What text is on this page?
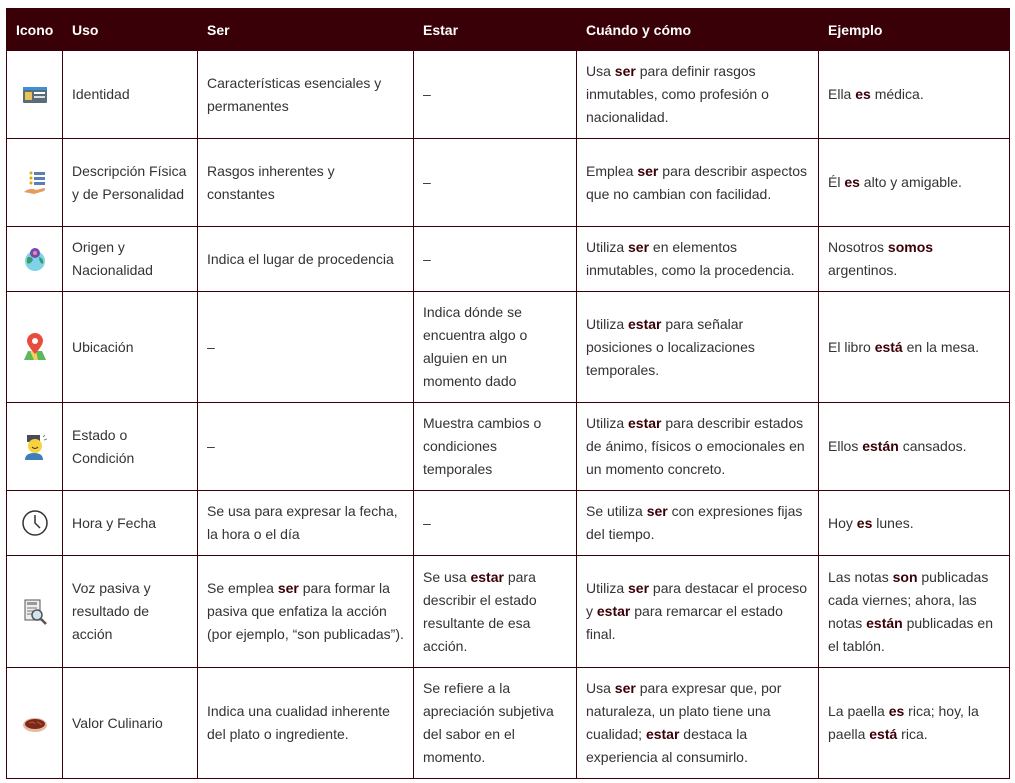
Icono	Uso	Ser	Estar	Cuándo y cómo	Ejemplo
	Identidad	Características esenciales y permanentes	–	Usa ser para definir rasgos inmutables, como profesión o nacionalidad.	Ella es médica.
	Descripción Física y de Personalidad	Rasgos inherentes y constantes	–	Emplea ser para describir aspectos que no cambian con facilidad.	Él es alto y amigable.
	Origen y Nacionalidad	Indica el lugar de procedencia	–	Utiliza ser en elementos inmutables, como la procedencia.	Nosotros somos argentinos.
	Ubicación	–	Indica dónde se encuentra algo o alguien en un momento dado	Utiliza estar para señalar posiciones o localizaciones temporales.	El libro está en la mesa.
	Estado o Condición	–	Muestra cambios o condiciones temporales	Utiliza estar para describir estados de ánimo, físicos o emocionales en un momento concreto.	Ellos están cansados.
	Hora y Fecha	Se usa para expresar la fecha, la hora o el día	–	Se utiliza ser con expresiones fijas del tiempo.	Hoy es lunes.
	Voz pasiva y resultado de acción	Se emplea ser para formar la pasiva que enfatiza la acción (por ejemplo, “son publicadas”).	Se usa estar para describir el estado resultante de esa acción.	Utiliza ser para destacar el proceso y estar para remarcar el estado final.	Las notas son publicadas cada viernes; ahora, las notas están publicadas en el tablón.
	Valor Culinario	Indica una cualidad inherente del plato o ingrediente.	Se refiere a la apreciación subjetiva del sabor en el momento.	Usa ser para expresar que, por naturaleza, un plato tiene una cualidad; estar destaca la experiencia al consumirlo.	La paella es rica; hoy, la paella está rica.
